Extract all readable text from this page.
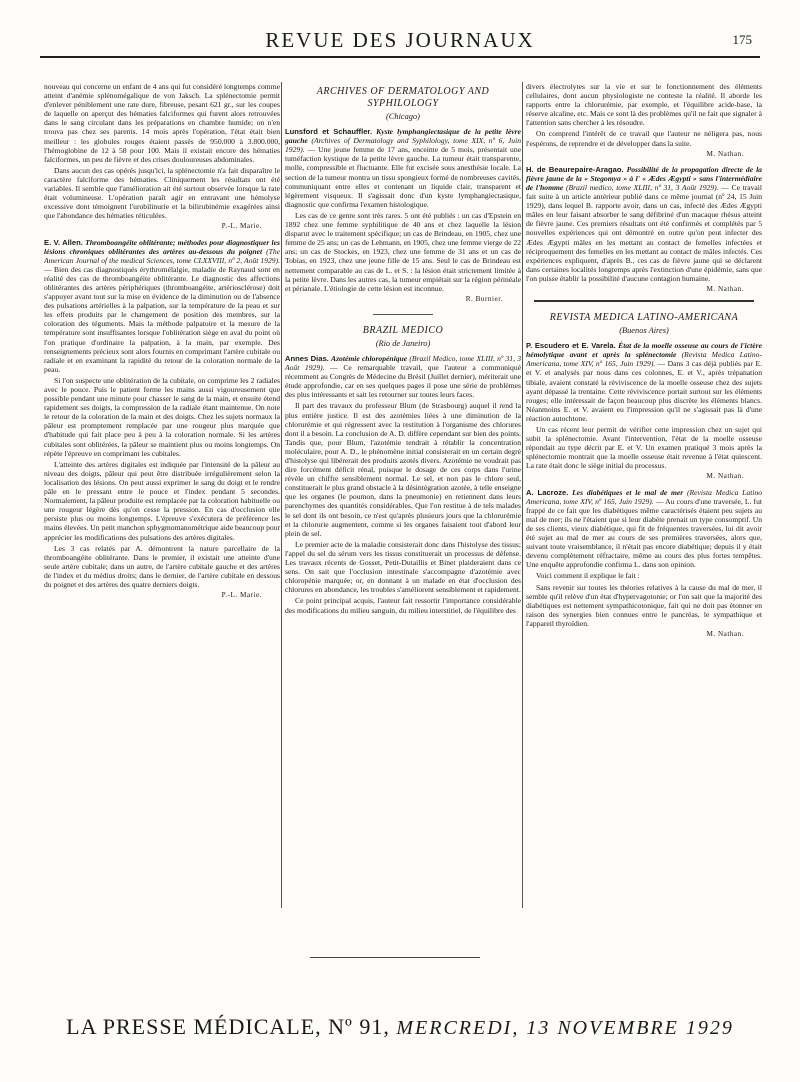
REVUE DES JOURNAUX	175

nouveau qui concerne un enfant de 4 ans qui fut considéré longtemps comme atteint d'anémie splénomégalique de von Jaksch. La splénectomie permit d'enlever péniblement une rate dure, fibreuse, pesant 621 gr., sur les coupes de laquelle on aperçut des hématies falciformes qui furent alors retrouvées dans le sang circulant dans les préparations en chambre humide; on n'en trouva pas chez ses parents. 14 mois après l'opération, l'état était bien meilleur : les globules rouges étaient passés de 950.000 à 3.800.000, l'hémoglobine de 12 à 58 pour 100. Mais il existait encore des hématies falciformes, un peu de fièvre et des crises douloureuses abdominales.

Dans aucun des cas opérés jusqu'ici, la splénectomie n'a fait disparaître le caractère falciforme des hématies. Cliniquement les résultats ont été variables. Il semble que l'amélioration ait été surtout observée lorsque la rate était volumineuse. L'opération paraît agir en entravant une hémolyse excessive dont témoignent l'urobilinurie et la bilirubinémie exagérées ainsi que l'abondance des hématies réticulées.

P.-L. Marie.

E. V. Allen. Thromboangéite oblitérante; méthodes pour diagnostiquer les lésions chroniques oblitérantes des artères au-dessous du poignet (The American Journal of the medical Sciences, tome CLXXVIII, nº 2, Août 1929). — Bien des cas diagnostiqués érythromélalgie, maladie de Raynaud sont en réalité des cas de thromboangéite oblitérante. Le diagnostic des affections oblitérantes des artères périphériques (thromboangéite, artériosclérose) doit s'appuyer avant tout sur la mise en évidence de la diminution ou de l'absence des pulsations artérielles à la palpation, sur la température de la peau et sur les effets produits par le changement de position des membres, sur la coloration des téguments. Mais la méthode palpatoire et la mesure de la température sont insuffisantes lorsque l'oblitération siège en aval du point où l'on pratique d'ordinaire la palpation, à la main, par exemple. Des renseignements précieux sont alors fournis en comprimant l'artère cubitale ou radiale et en examinant la rapidité du retour de la coloration normale de la peau.

Si l'on suspecte une oblitération de la cubitale, on comprime les 2 radiales avec le pouce. Puis le patient ferme les mains aussi vigoureusement que possible pendant une minute pour chasser le sang de la main, et ensuite étend rapidement ses doigts, la compression de la radiale étant maintenue. On note le retour de la coloration de la main et des doigts. Chez les sujets normaux la pâleur est promptement remplacée par une rougeur plus marquée que d'habitude qui fait place peu à peu à la coloration normale. Si les artères cubitales sont oblitérées, la pâleur se maintient plus ou moins longtemps. On répète l'épreuve en comprimant les cubitales.

L'atteinte des artères digitales est indiquée par l'intensité de la pâleur au niveau des doigts, pâleur qui peut être distribuée irrégulièrement selon la localisation des lésions. On peut aussi exprimer le sang du doigt et le rendre pâle en le pressant entre le pouce et l'index pendant 5 secondes. Normalement, la pâleur produite est remplacée par la coloration habituelle ou une rougeur légère dès qu'on cesse la pression. En cas d'occlusion elle persiste plus ou moins longtemps. L'épreuve s'exécutera de préférence les mains élevées. Un petit manchon sphygmomanométrique aide beaucoup pour apprécier les modifications des pulsations des artères digitales.

Les 3 cas relatés par A. démontrent la nature parcellaire de la thromboangéite oblitérante. Dans le premier, il existait une atteinte d'une seule artère cubitale; dans un autre, de l'artère cubitale gauche et des artères de l'index et du médius droits; dans le dernier, de l'artère cubitale en dessous du poignet et des artères des quatre derniers doigts.

P.-L. Marie.
ARCHIVES OF DERMATOLOGY AND SYPHILOLOGY
(Chicago)

Lunsford et Schauffler. Kyste lymphangiectasique de la petite lèvre gauche (Archives of Dermatology and Syphilology, tome XIX, nº 6, Juin 1929). — Une jeune femme de 17 ans, enceinte de 5 mois, présentait une tuméfaction kystique de la petite lèvre gauche. La tumeur était transparente, molle, compressible et fluctuante. Elle fut excisée sous anesthésie locale. La section de la tumeur montra un tissu spongieux formé de nombreuses cavités, communiquant entre elles et contenant un liquide clair, transparent et légèrement visqueux. Il s'agissait donc d'un kyste lymphangiectasique, diagnostic que confirma l'examen histologique.

Les cas de ce genre sont très rares. 5 ont été publiés : un cas d'Epstein en 1892 chez une femme syphilitique de 40 ans et chez laquelle la lésion disparut avec le traitement spécifique; un cas de Brindeau, en 1905, chez une femme de 25 ans; un cas de Lehmann, en 1905, chez une femme vierge de 22 ans; un cas de Stockes, en 1923, chez une femme de 31 ans et un cas de Tobias, en 1923, chez une jeune fille de 15 ans. Seul le cas de Brindeau est nettement comparable au cas de L. et S. : la lésion était strictement limitée à la petite lèvre. Dans les autres cas, la tumeur empiétait sur la région périnéale et périanale. L'étiologie de cette lésion est inconnue.

R. Burnier.
BRAZIL MEDICO
(Rio de Janeiro)

Annes Dias. Azotémie chloropénique (Brazil Medico, tome XLIII, nº 31, 3 Août 1929). — Ce remarquable travail, que l'auteur a communiqué récemment au Congrès de Médecine du Brésil (Juillet dernier), mériterait une étude approfondie, car en ses quelques pages il pose une série de problèmes des plus intéressants et sait les retourner sur toutes leurs faces.

Il part des travaux du professeur Blum (de Strasbourg) auquel il rend la plus entière justice. Il est des azotémies liées à une diminution de la chlorurémie et qui régressent avec la restitution à l'organisme des chlorures dont il a besoin. La conclusion de A. D. diffère cependant sur bien des points. Tandis que, pour Blum, l'azotémie tendrait à rétablir la concentration moléculaire, pour A. D., le phénomène initial consisterait en un certain degré d'histolyse qui libérerait des produits azotés divers. Azotémie ne voudrait pas dire forcément déficit rénal, puisque le dosage de ces corps dans l'urine révèle un chiffre sensiblement normal. Le sel, et non pas le chlore seul, constituerait le plus grand obstacle à la désintégration azotée, à telle enseigne que les organes (le poumon, dans la pneumonie) en retiennent dans leurs parenchymes des quantités considérables. Que l'on restitue à de tels malades le sel dont ils ont besoin, ce n'est qu'après plusieurs jours que la chlorurémie et la chlorurie augmentent, comme si les organes faisaient tout d'abord leur plein de sel.

Le premier acte de la maladie consisterait donc dans l'histolyse des tissus; l'appel du sel du sérum vers les tissus constituerait un processus de défense. Les travaux récents de Gosset, Petit-Dutaillis et Binet plaideraient dans ce sens. On sait que l'occlusion intestinale s'accompagne d'azotémie avec chloropénie marquée; or, en donnant à un malade en état d'occlusion des chlorures en abondance, les troubles s'améliorent sensiblement et rapidement.

Ce point principal acquis, l'auteur fait ressortir l'importance considérable des modifications du milieu sanguin, du milieu interstitiel, de l'équilibre des

divers électrolytes sur la vie et sur le fonctionnement des éléments cellulaires, dont aucun physiologiste ne conteste la réalité. Il aborde les rapports entre la chlorurémie, par exemple, et l'équilibre acide-base, la réserve alcaline, etc. Mais ce sont là des problèmes qu'il ne fait que signaler à l'attention sans chercher à les résoudre.

On comprend l'intérêt de ce travail que l'auteur ne néligera pas, nous l'espérons, de reprendre et de développer dans la suite.

M. Nathan.

H. de Beaurepaire-Aragao. Possibilité de la propagation directe de la fièvre jaune de la « Stegomya » à l' « Ædes Ægypti » sans l'intermédiaire de l'homme (Brazil medico, tome XLIII, nº 31, 3 Août 1929). — Ce travail fait suite à un article antérieur publié dans ce même journal (nº 24, 15 Juin 1929), dans lequel B. rapporte avoir, dans un cas, infecté des Ædes Ægypti mâles en leur faisant absorber le sang défibriné d'un macaque rhésus atteint de fièvre jaune. Ces premiers résultats ont été confirmés et complétés par 5 nouvelles expériences qui ont démontré en outre qu'on peut infecter des Ædes Ægypti mâles en les mettant au contact de femelles infectées et réciproquement des femelles en les mettant au contact de mâles infectés. Ces expériences expliquent, d'après B., ces cas de fièvre jaune qui se déclarent dans certaines localités longtemps après l'extinction d'une épidémie, sans que l'on puisse établir la possibilité d'aucune contagion humaine.

M. Nathan.
REVISTA MEDICA LATINO-AMERICANA
(Buenos Aires)

P. Escudero et E. Varela. État de la moelle osseuse au cours de l'ictère hémolytique avant et après la splénectomie (Revista Medica Latino-Americana, tome XIV, nº 165, Juin 1929). — Dans 3 cas déjà publiés par E. et V. et analysés par nous dans ces colonnes, E. et V., après trépanation tibiale, avaient constaté la réviviscence de la moelle osseuse chez des sujets ayant dépassé la trentaine. Cette réviviscence portait surtout sur les éléments rouges; elle intéressait de façon beaucoup plus discrète les éléments blancs. Néanmoins E. et V. avaient eu l'impression qu'il ne s'agissait pas là d'une réaction autochtone.

Un cas récent leur permit de vérifier cette impression chez un sujet qui subit la splénectomie. Avant l'intervention, l'état de la moelle osseuse répondait au type décrit par E. et V. Un examen pratiqué 3 mois après la splénectomie montrait que la moelle osseuse était revenue à l'état quiescent. La rate était donc le siège initial du processus.

M. Nathan.

A. Lacroze. Les diabétiques et le mal de mer (Revista Medica Latino Americana, tome XIV, nº 165, Juin 1929). — Au cours d'une traversée, L. fut frappé de ce fait que les diabétiques même caractérisés étaient peu sujets au mal de mer; ils ne l'étaient que si leur diabète prenait un type consomptif. Un de ses clients, vieux diabétique, qui fit de fréquentes traversées, lui dit avoir été sujet au mal de mer au cours de ses premières traversées, alors que, suivant toute vraisemblance, il n'était pas encore diabétique; depuis il y était devenu complètement réfractaire, même au cours des plus fortes tempêtes. Une enquête approfondie confirma L. dans son opinion.

Voici comment il explique le fait :

Sans revenir sur toutes les théories relatives à la cause du mal de mer, il semble qu'il relève d'un état d'hypervagotonie; or l'on sait que la majorité des diabétiques est nettement sympathicotonique, fait qui ne doit pas étonner en raison des synergies bien connues entre le pancréas, le sympathique et l'appareil thyroïdien.

M. Nathan.
LA PRESSE MÉDICALE, Nº 91, MERCREDI, 13 NOVEMBRE 1929
